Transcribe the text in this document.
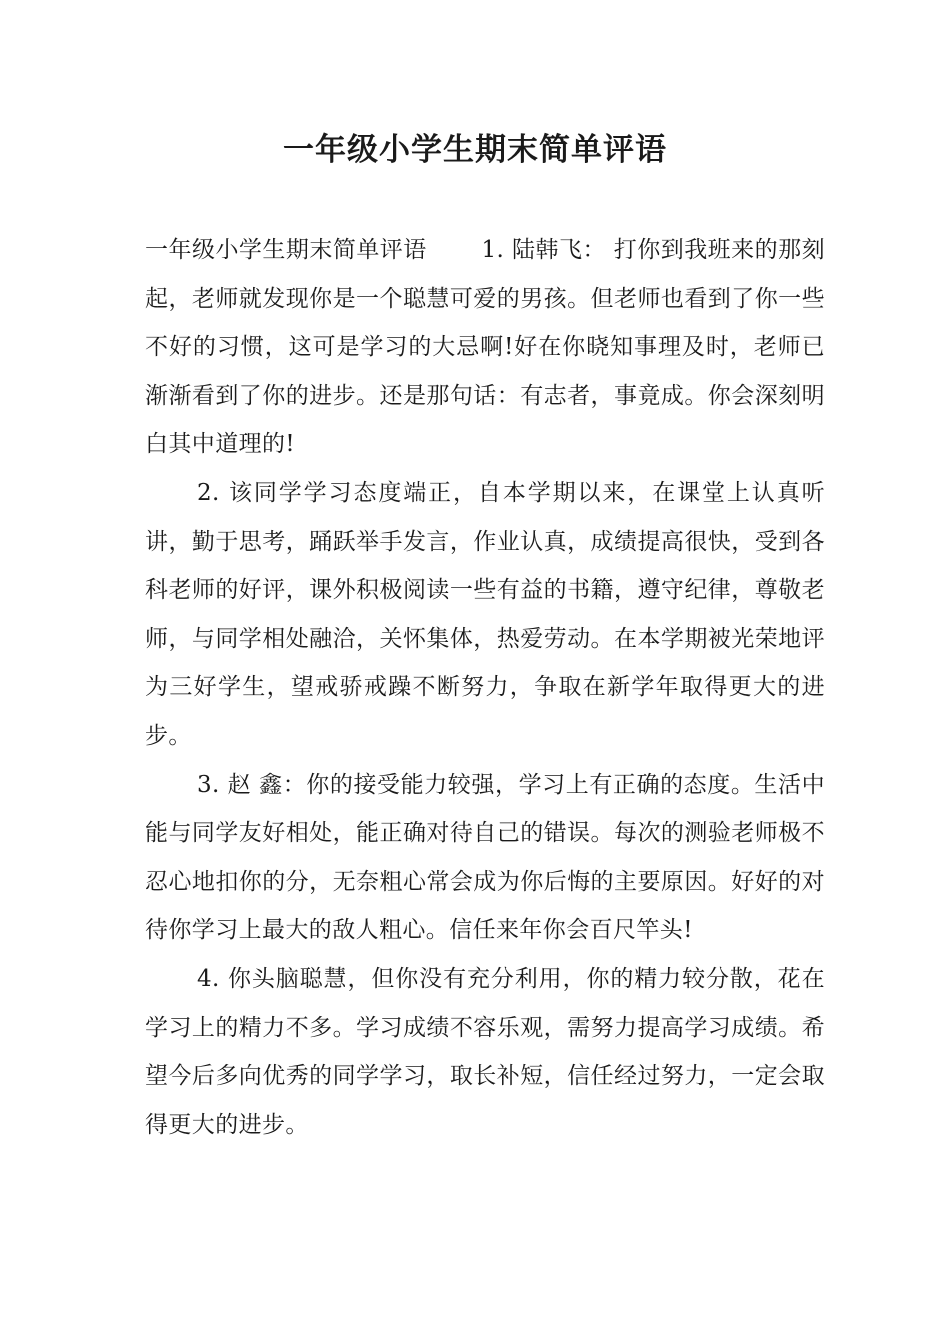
一年级小学生期末简单评语

一年级小学生期末简单评语　　 1. 陆韩飞： 打你到我班来的那刻起，老师就发现你是一个聪慧可爱的男孩。但老师也看到了你一些不好的习惯，这可是学习的大忌啊!好在你晓知事理及时，老师已渐渐看到了你的进步。还是那句话：有志者，事竟成。你会深刻明白其中道理的!

2. 该同学学习态度端正，自本学期以来，在课堂上认真听讲，勤于思考，踊跃举手发言，作业认真，成绩提高很快，受到各科老师的好评，课外积极阅读一些有益的书籍，遵守纪律，尊敬老师，与同学相处融洽，关怀集体，热爱劳动。在本学期被光荣地评为三好学生，望戒骄戒躁不断努力，争取在新学年取得更大的进步。

3. 赵 鑫：你的接受能力较强，学习上有正确的态度。生活中能与同学友好相处，能正确对待自己的错误。每次的测验老师极不忍心地扣你的分，无奈粗心常会成为你后悔的主要原因。好好的对待你学习上最大的敌人粗心。信任来年你会百尺竿头!

4. 你头脑聪慧，但你没有充分利用，你的精力较分散，花在学习上的精力不多。学习成绩不容乐观，需努力提高学习成绩。希望今后多向优秀的同学学习，取长补短，信任经过努力，一定会取得更大的进步。
